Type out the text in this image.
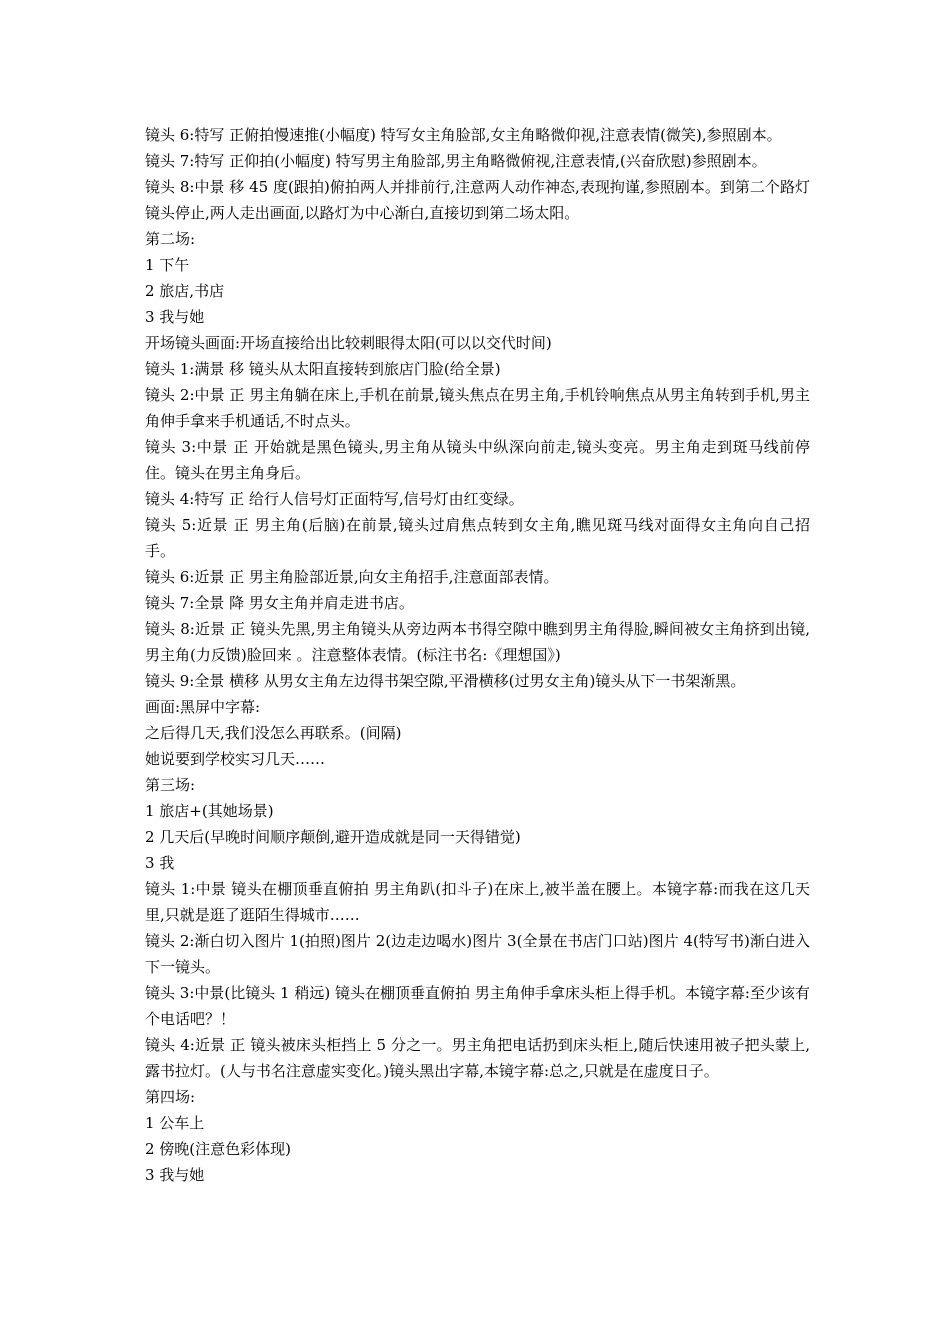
镜头 6:特写 正俯拍慢速推(小幅度) 特写女主角脸部,女主角略微仰视,注意表情(微笑),参照剧本。

镜头 7:特写 正仰拍(小幅度) 特写男主角脸部,男主角略微俯视,注意表情,(兴奋欣慰)参照剧本。

镜头 8:中景 移 45 度(跟拍)俯拍两人并排前行,注意两人动作神态,表现拘谨,参照剧本。到第二个路灯镜头停止,两人走出画面,以路灯为中心渐白,直接切到第二场太阳。

第二场:

1 下午

2 旅店,书店

3 我与她

开场镜头画面:开场直接给出比较刺眼得太阳(可以以交代时间)

镜头 1:满景 移 镜头从太阳直接转到旅店门脸(给全景)

镜头 2:中景 正 男主角躺在床上,手机在前景,镜头焦点在男主角,手机铃响焦点从男主角转到手机,男主角伸手拿来手机通话,不时点头。

镜头 3:中景 正 开始就是黑色镜头,男主角从镜头中纵深向前走,镜头变亮。男主角走到斑马线前停住。镜头在男主角身后。

镜头 4:特写 正 给行人信号灯正面特写,信号灯由红变绿。

镜头 5:近景 正 男主角(后脑)在前景,镜头过肩焦点转到女主角,瞧见斑马线对面得女主角向自己招手。

镜头 6:近景 正 男主角脸部近景,向女主角招手,注意面部表情。

镜头 7:全景 降 男女主角并肩走进书店。

镜头 8:近景 正 镜头先黑,男主角镜头从旁边两本书得空隙中瞧到男主角得脸,瞬间被女主角挤到出镜,男主角(力反馈)脸回来 。注意整体表情。(标注书名:《理想国》)

镜头 9:全景 横移 从男女主角左边得书架空隙,平滑横移(过男女主角)镜头从下一书架渐黑。

画面:黑屏中字幕:

之后得几天,我们没怎么再联系。(间隔)

她说要到学校实习几天……

第三场:

1 旅店+(其她场景)

2 几天后(早晚时间顺序颠倒,避开造成就是同一天得错觉)

3 我

镜头 1:中景 镜头在棚顶垂直俯拍 男主角趴(扣斗子)在床上,被半盖在腰上。本镜字幕:而我在这几天里,只就是逛了逛陌生得城市……

镜头 2:渐白切入图片 1(拍照)图片 2(边走边喝水)图片 3(全景在书店门口站)图片 4(特写书)渐白进入下一镜头。

镜头 3:中景(比镜头 1 稍远) 镜头在棚顶垂直俯拍 男主角伸手拿床头柜上得手机。本镜字幕:至少该有个电话吧？！

镜头 4:近景 正 镜头被床头柜挡上 5 分之一。男主角把电话扔到床头柜上,随后快速用被子把头蒙上,露书拉灯。(人与书名注意虚实变化。)镜头黑出字幕,本镜字幕:总之,只就是在虚度日子。

第四场:

1 公车上

2 傍晚(注意色彩体现)

3 我与她
